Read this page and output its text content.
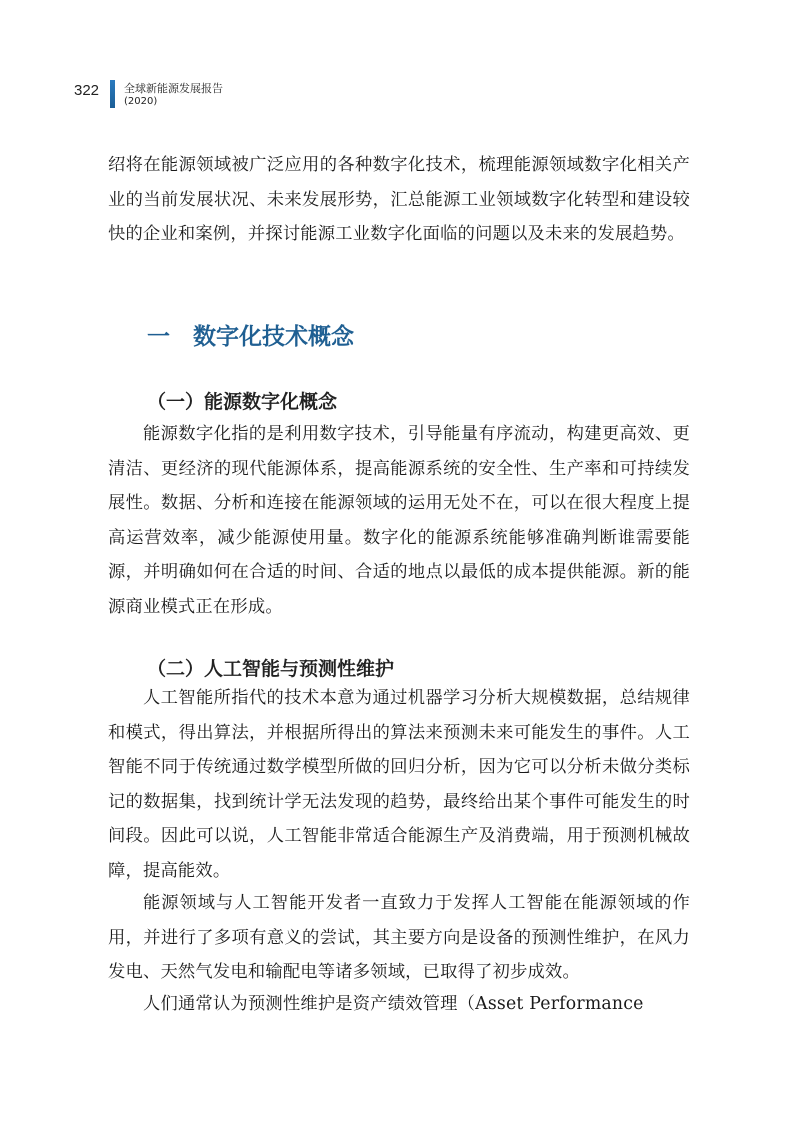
322 全球新能源发展报告
(2020)

绍将在能源领域被广泛应用的各种数字化技术，梳理能源领域数字化相关产业的当前发展状况、未来发展形势，汇总能源工业领域数字化转型和建设较快的企业和案例，并探讨能源工业数字化面临的问题以及未来的发展趋势。

一 数字化技术概念
（一）能源数字化概念

能源数字化指的是利用数字技术，引导能量有序流动，构建更高效、更清洁、更经济的现代能源体系，提高能源系统的安全性、生产率和可持续发展性。数据、分析和连接在能源领域的运用无处不在，可以在很大程度上提高运营效率，减少能源使用量。数字化的能源系统能够准确判断谁需要能源，并明确如何在合适的时间、合适的地点以最低的成本提供能源。新的能源商业模式正在形成。

（二）人工智能与预测性维护

人工智能所指代的技术本意为通过机器学习分析大规模数据，总结规律和模式，得出算法，并根据所得出的算法来预测未来可能发生的事件。人工智能不同于传统通过数学模型所做的回归分析，因为它可以分析未做分类标记的数据集，找到统计学无法发现的趋势，最终给出某个事件可能发生的时间段。因此可以说，人工智能非常适合能源生产及消费端，用于预测机械故障，提高能效。

能源领域与人工智能开发者一直致力于发挥人工智能在能源领域的作用，并进行了多项有意义的尝试，其主要方向是设备的预测性维护，在风力发电、天然气发电和输配电等诸多领域，已取得了初步成效。

人们通常认为预测性维护是资产绩效管理（Asset Performance
